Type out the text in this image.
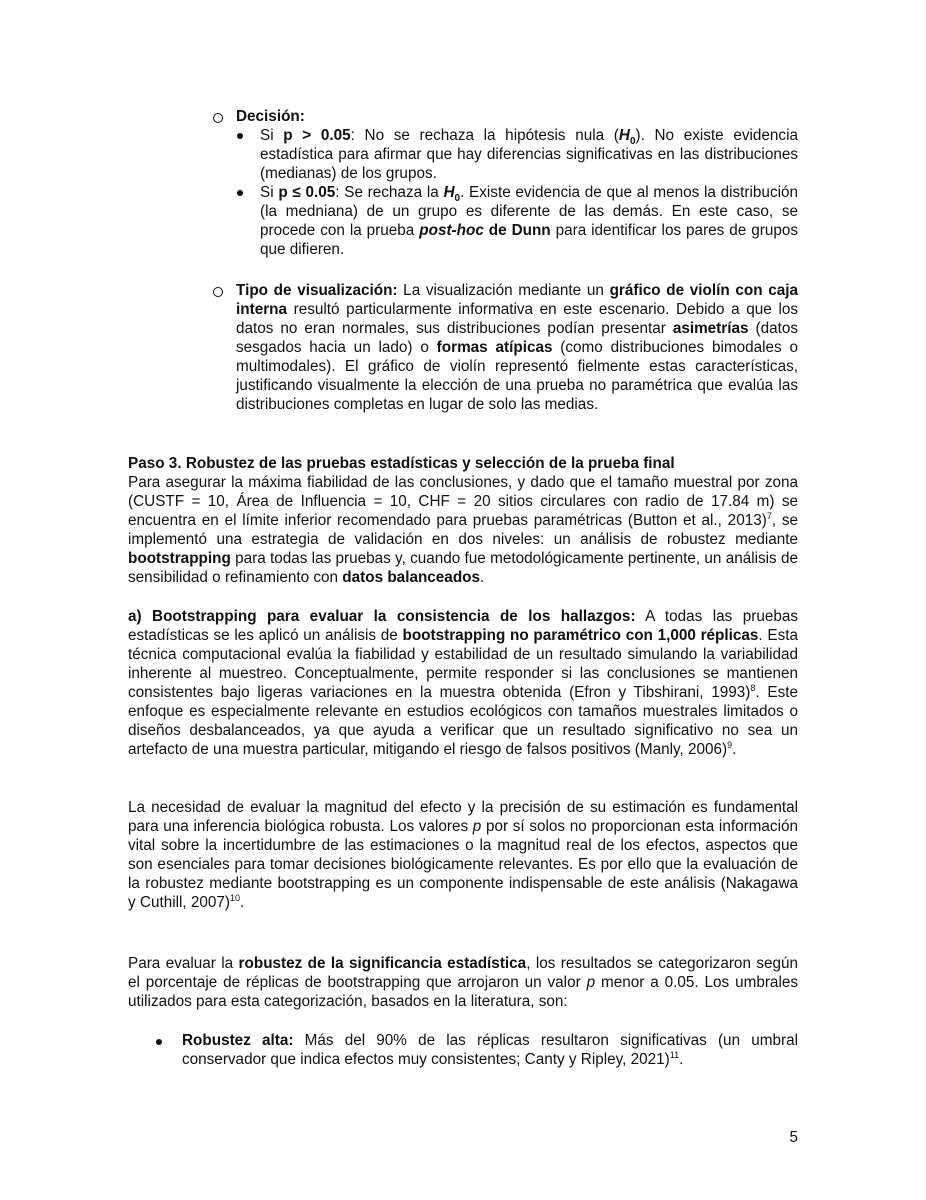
Decisión:
Si p > 0.05: No se rechaza la hipótesis nula $(H_0)$. No existe evidencia estadística para afirmar que hay diferencias significativas en las distribuciones (medianas) de los grupos.
Si p ≤ 0.05: Se rechaza la $H_0$. Existe evidencia de que al menos la distribución (la medniana) de un grupo es diferente de las demás. En este caso, se procede con la prueba post-hoc de Dunn para identificar los pares de grupos que difieren.
Tipo de visualización: La visualización mediante un gráfico de violín con caja interna resultó particularmente informativa en este escenario. Debido a que los datos no eran normales, sus distribuciones podían presentar asimetrías (datos sesgados hacia un lado) o formas atípicas (como distribuciones bimodales o multimodales). El gráfico de violín representó fielmente estas características, justificando visualmente la elección de una prueba no paramétrica que evalúa las distribuciones completas en lugar de solo las medias.
Paso 3. Robustez de las pruebas estadísticas y selección de la prueba final
Para asegurar la máxima fiabilidad de las conclusiones, y dado que el tamaño muestral por zona (CUSTF = 10, Área de Influencia = 10, CHF = 20 sitios circulares con radio de 17.84 m) se encuentra en el límite inferior recomendado para pruebas paramétricas (Button et al., 2013)$^7$, se implementó una estrategia de validación en dos niveles: un análisis de robustez mediante bootstrapping para todas las pruebas y, cuando fue metodológicamente pertinente, un análisis de sensibilidad o refinamiento con datos balanceados.
a) Bootstrapping para evaluar la consistencia de los hallazgos: A todas las pruebas estadísticas se les aplicó un análisis de bootstrapping no paramétrico con 1,000 réplicas. Esta técnica computacional evalúa la fiabilidad y estabilidad de un resultado simulando la variabilidad inherente al muestreo. Conceptualmente, permite responder si las conclusiones se mantienen consistentes bajo ligeras variaciones en la muestra obtenida (Efron y Tibshirani, 1993)$^8$. Este enfoque es especialmente relevante en estudios ecológicos con tamaños muestrales limitados o diseños desbalanceados, ya que ayuda a verificar que un resultado significativo no sea un artefacto de una muestra particular, mitigando el riesgo de falsos positivos (Manly, 2006)$^9$.
La necesidad de evaluar la magnitud del efecto y la precisión de su estimación es fundamental para una inferencia biológica robusta. Los valores p por sí solos no proporcionan esta información vital sobre la incertidumbre de las estimaciones o la magnitud real de los efectos, aspectos que son esenciales para tomar decisiones biológicamente relevantes. Es por ello que la evaluación de la robustez mediante bootstrapping es un componente indispensable de este análisis (Nakagawa y Cuthill, 2007)$^{10}$.
Para evaluar la robustez de la significancia estadística, los resultados se categorizaron según el porcentaje de réplicas de bootstrapping que arrojaron un valor p menor a 0.05. Los umbrales utilizados para esta categorización, basados en la literatura, son:
Robustez alta: Más del 90% de las réplicas resultaron significativas (un umbral conservador que indica efectos muy consistentes; Canty y Ripley, 2021)$^{11}$.
5
